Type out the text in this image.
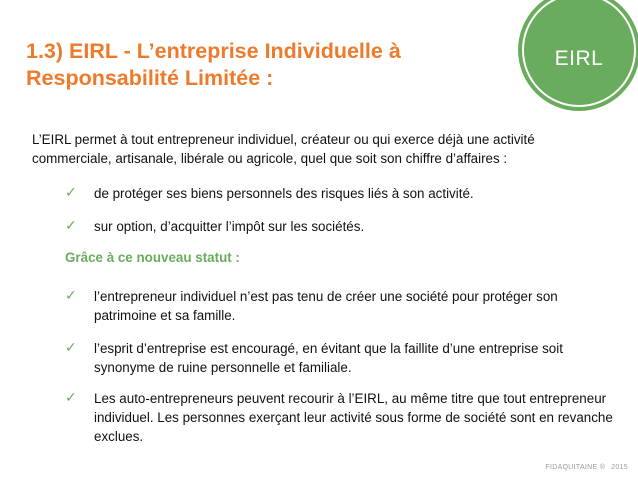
1.3) EIRL - L’entreprise Individuelle à
Responsabilité Limitée :
EIRL
L’EIRL permet à tout entrepreneur individuel, créateur ou qui exerce déjà une activité commerciale, artisanale, libérale ou agricole, quel que soit son chiffre d’affaires :
✓ de protéger ses biens personnels des risques liés à son activité.
✓ sur option, d’acquitter l’impôt sur les sociétés.
Grâce à ce nouveau statut :
✓ l’entrepreneur individuel n’est pas tenu de créer une société pour protéger son patrimoine et sa famille.
✓ l’esprit d’entreprise est encouragé, en évitant que la faillite d’une entreprise soit synonyme de ruine personnelle et familiale.
✓ Les auto-entrepreneurs peuvent recourir à l’EIRL, au même titre que tout entrepreneur individuel. Les personnes exerçant leur activité sous forme de société sont en revanche exclues.
FIDAQUITAINE ® 2015
